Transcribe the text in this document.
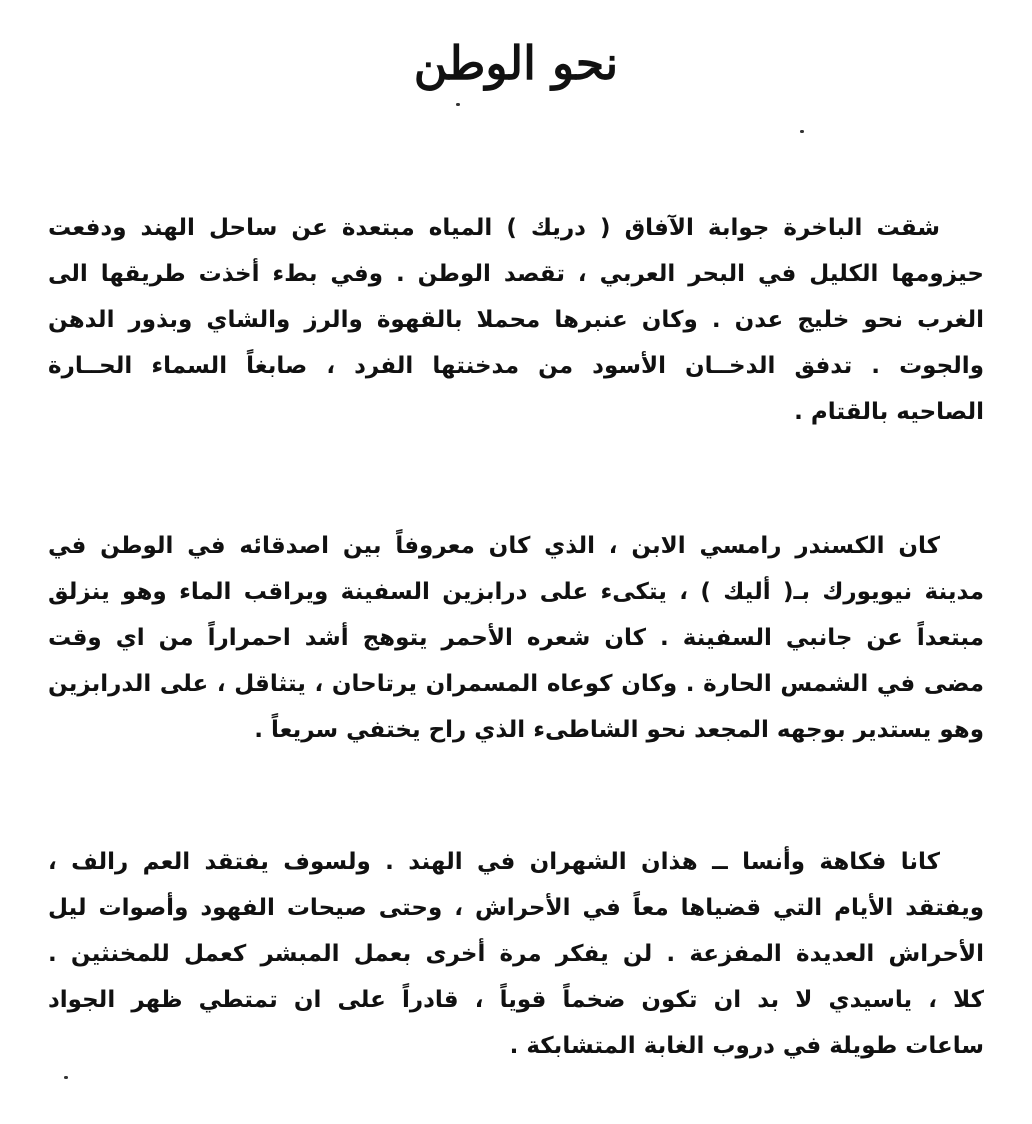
نحو الوطن
شقت الباخرة جوابة الآفاق ( دريك ) المياه مبتعدة عن ساحل الهند ودفعت
حيزومها الكليل في البحر العربي ، تقصد الوطن . وفي بطء أخذت طريقها الى
الغرب نحو خليج عدن . وكان عنبرها محملا بالقهوة والرز والشاي وبذور الدهن
والجوت . تدفق الدخــان الأسود من مدخنتها الفرد ، صابغاً السماء الحــارة
الصاحيه بالقتام .
كان الكسندر رامسي الابن ، الذي كان معروفاً بين اصدقائه في الوطن في
مدينة نيويورك بـ( أليك ) ، يتكىء على درابزين السفينة ويراقب الماء وهو ينزلق
مبتعداً عن جانبي السفينة . كان شعره الأحمر يتوهج أشد احمراراً من اي وقت
مضى في الشمس الحارة . وكان كوعاه المسمران يرتاحان ، يتثاقل ، على الدرابزين
وهو يستدير بوجهه المجعد نحو الشاطىء الذي راح يختفي سريعاً .
كانا فكاهة وأنسا ــ هذان الشهران في الهند . ولسوف يفتقد العم رالف ،
ويفتقد الأيام التي قضياها معاً في الأحراش ، وحتى صيحات الفهود وأصوات ليل
الأحراش العديدة المفزعة . لن يفكر مرة أخرى بعمل المبشر كعمل للمخنثين .
كلا ، ياسيدي لا بد ان تكون ضخماً قوياً ، قادراً على ان تمتطي ظهر الجواد
ساعات طويلة في دروب الغابة المتشابكة .
